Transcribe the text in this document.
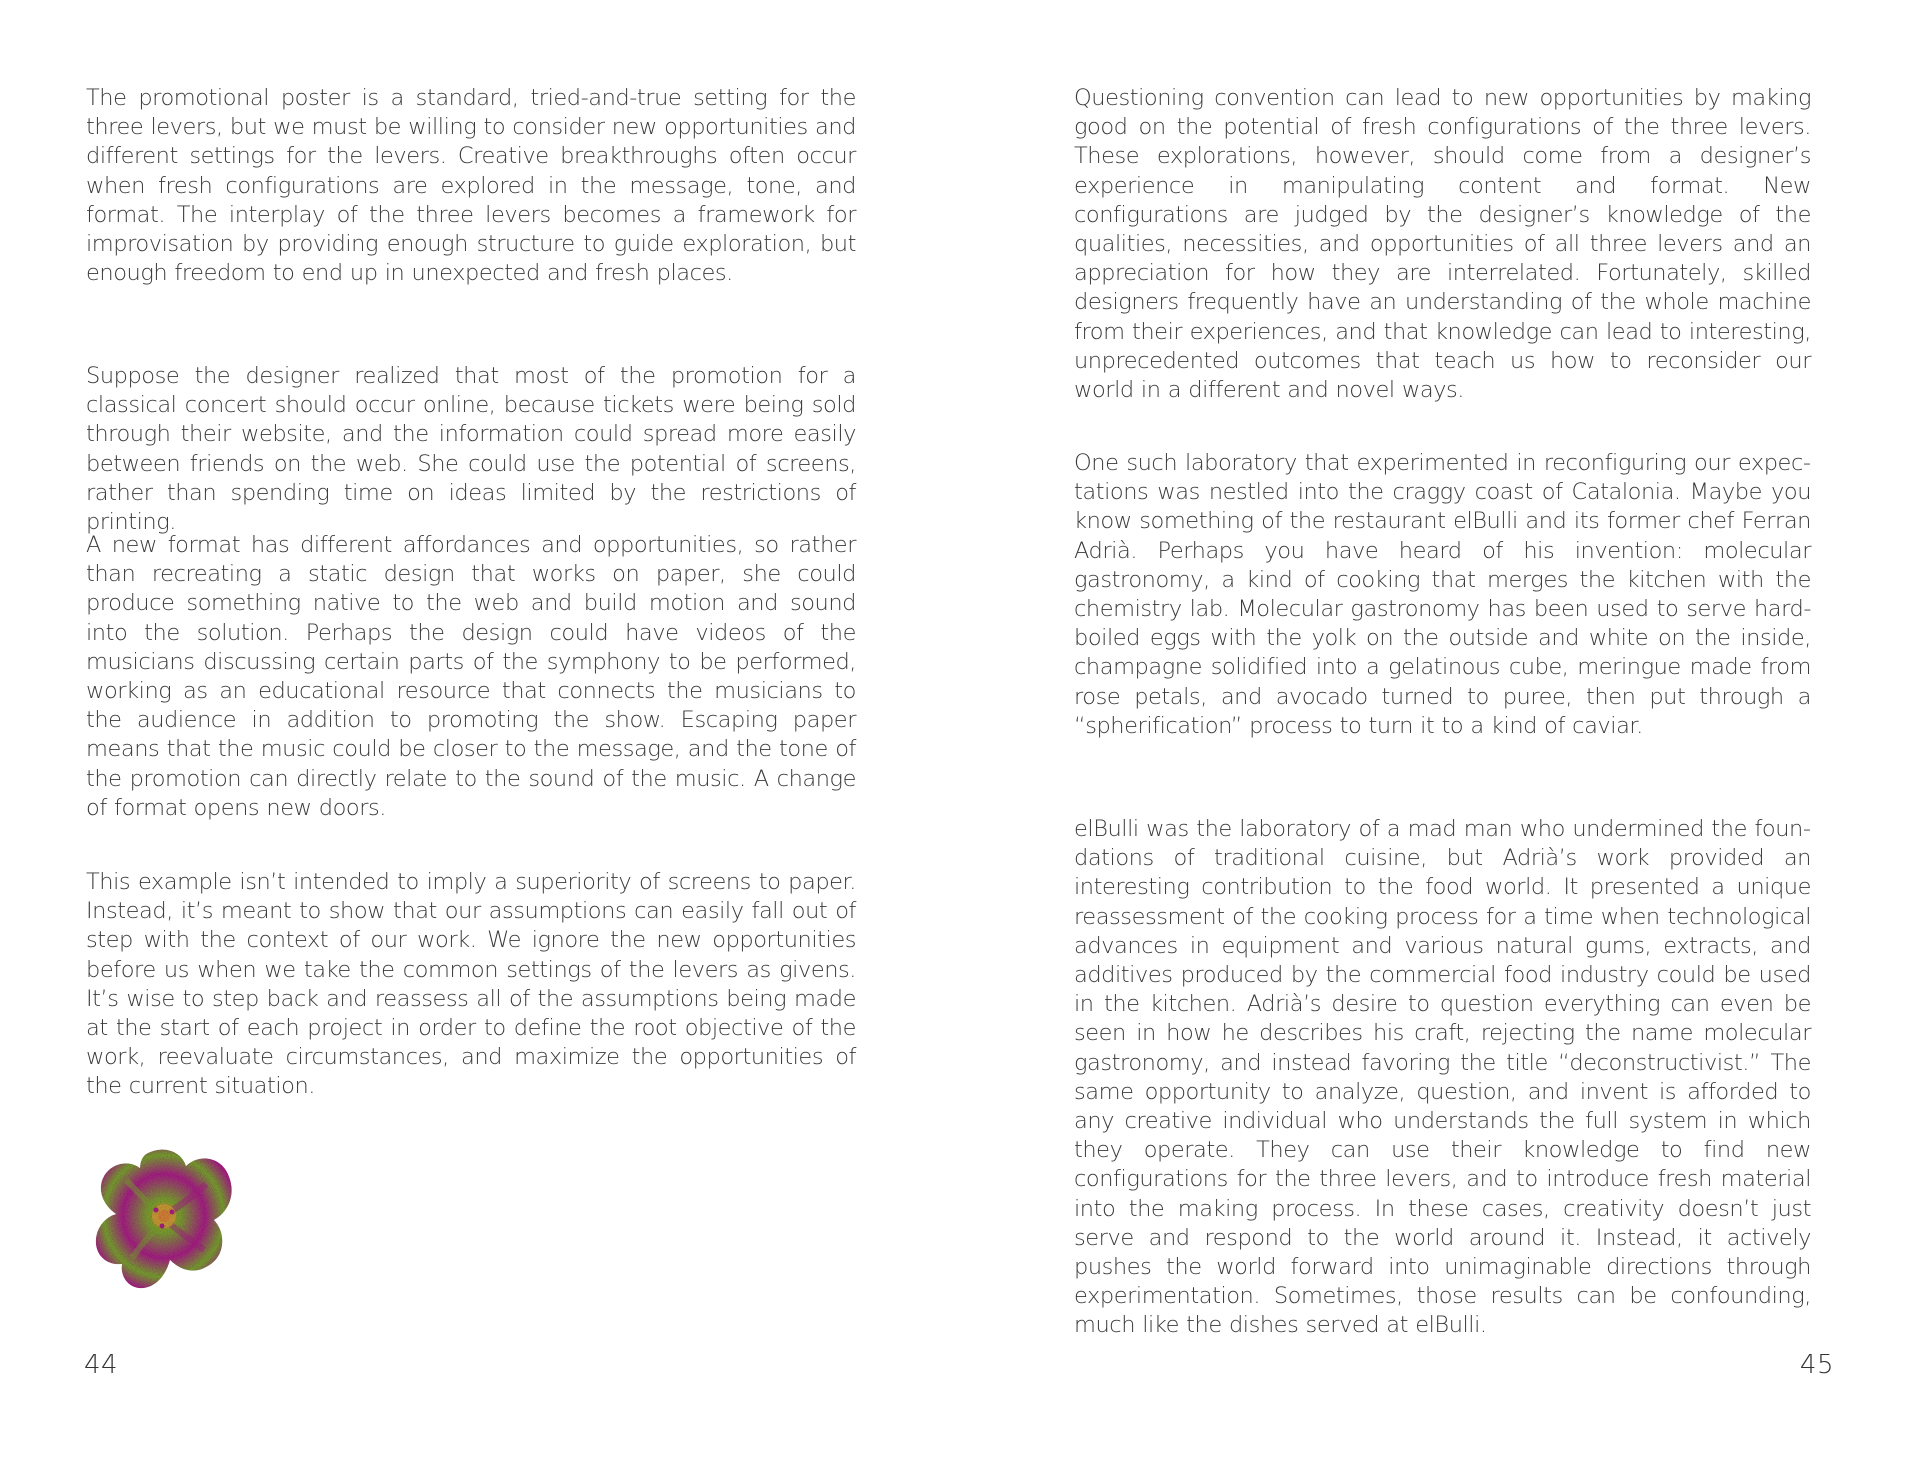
The promotional poster is a standard, tried-and-true setting for the three levers, but we must be willing to consider new opportunities and different settings for the levers. Creative breakthroughs often occur when fresh configurations are explored in the message, tone, and format. The interplay of the three levers becomes a framework for improvisation by providing enough structure to guide exploration, but enough freedom to end up in unexpected and fresh places.

Suppose the designer realized that most of the promotion for a classical concert should occur online, because tickets were being sold through their website, and the information could spread more easily between friends on the web. She could use the potential of screens, rather than spending time on ideas limited by the restrictions of printing.

A new format has different affordances and opportunities, so rather than recreating a static design that works on paper, she could produce something native to the web and build motion and sound into the solution. Perhaps the design could have videos of the musicians discussing certain parts of the symphony to be performed, working as an educational resource that connects the musicians to the audience in addition to promoting the show. Escaping paper means that the music could be closer to the message, and the tone of the promotion can directly relate to the sound of the music. A change of format opens new doors.

This example isn’t intended to imply a superiority of screens to paper. Instead, it’s meant to show that our assumptions can easily fall out of step with the context of our work. We ignore the new opportunities before us when we take the common settings of the levers as givens. It’s wise to step back and reassess all of the assumptions being made at the start of each project in order to define the root objective of the work, reevaluate circumstances, and maximize the opportunities of the current situation.

44

Questioning convention can lead to new opportunities by making good on the potential of fresh configurations of the three levers. These explorations, however, should come from a designer’s experience in manipulating content and format. New configurations are judged by the designer’s knowledge of the qualities, necessities, and opportunities of all three levers and an appreciation for how they are interrelated. Fortunately, skilled designers frequently have an understanding of the whole machine from their experiences, and that knowledge can lead to interesting, unprecedented outcomes that teach us how to reconsider our world in a different and novel ways.

One such laboratory that experimented in reconfiguring our expectations was nestled into the craggy coast of Catalonia. Maybe you know something of the restaurant elBulli and its former chef Ferran Adrià. Perhaps you have heard of his invention: molecular gastronomy, a kind of cooking that merges the kitchen with the chemistry lab. Molecular gastronomy has been used to serve hard-boiled eggs with the yolk on the outside and white on the inside, champagne solidified into a gelatinous cube, meringue made from rose petals, and avocado turned to puree, then put through a “spherification” process to turn it to a kind of caviar.

elBulli was the laboratory of a mad man who undermined the foundations of traditional cuisine, but Adrià’s work provided an interesting contribution to the food world. It presented a unique reassessment of the cooking process for a time when technological advances in equipment and various natural gums, extracts, and additives produced by the commercial food industry could be used in the kitchen. Adrià’s desire to question everything can even be seen in how he describes his craft, rejecting the name molecular gastronomy, and instead favoring the title “deconstructivist.” The same opportunity to analyze, question, and invent is afforded to any creative individual who understands the full system in which they operate. They can use their knowledge to find new configurations for the three levers, and to introduce fresh material into the making process. In these cases, creativity doesn’t just serve and respond to the world around it. Instead, it actively pushes the world forward into unimaginable directions through experimentation. Sometimes, those results can be confounding, much like the dishes served at elBulli.

45
